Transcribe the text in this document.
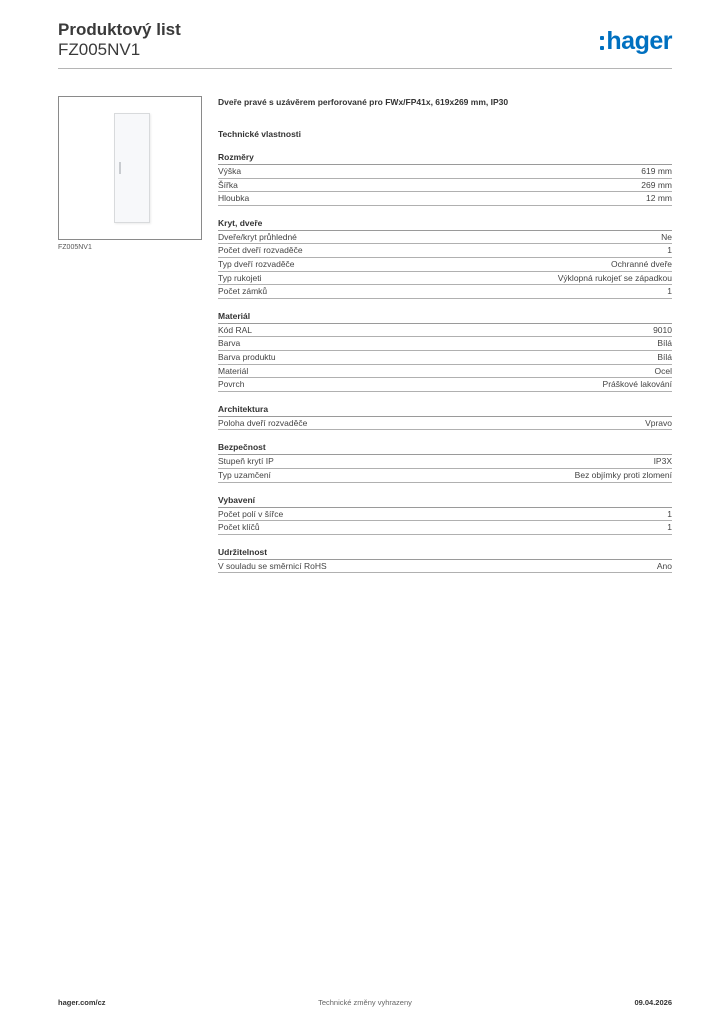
Produktový list
FZ005NV1	hager
FZ005NV1
Dveře pravé s uzávěrem perforované pro FWx/FP41x, 619x269 mm, IP30
Technické vlastnosti
Rozměry
Výška	619 mm
Šířka	269 mm
Hloubka	12 mm
Kryt, dveře
Dveře/kryt průhledné	Ne
Počet dveří rozvaděče	1
Typ dveří rozvaděče	Ochranné dveře
Typ rukojeti	Výklopná rukojeť se západkou
Počet zámků	1
Materiál
Kód RAL	9010
Barva	Bílá
Barva produktu	Bílá
Materiál	Ocel
Povrch	Práškové lakování
Architektura
Poloha dveří rozvaděče	Vpravo
Bezpečnost
Stupeň krytí IP	IP3X
Typ uzamčení	Bez objímky proti zlomení
Vybavení
Počet polí v šířce	1
Počet klíčů	1
Udržitelnost
V souladu se směrnicí RoHS	Ano
hager.com/cz	Technické změny vyhrazeny	09.04.2026
